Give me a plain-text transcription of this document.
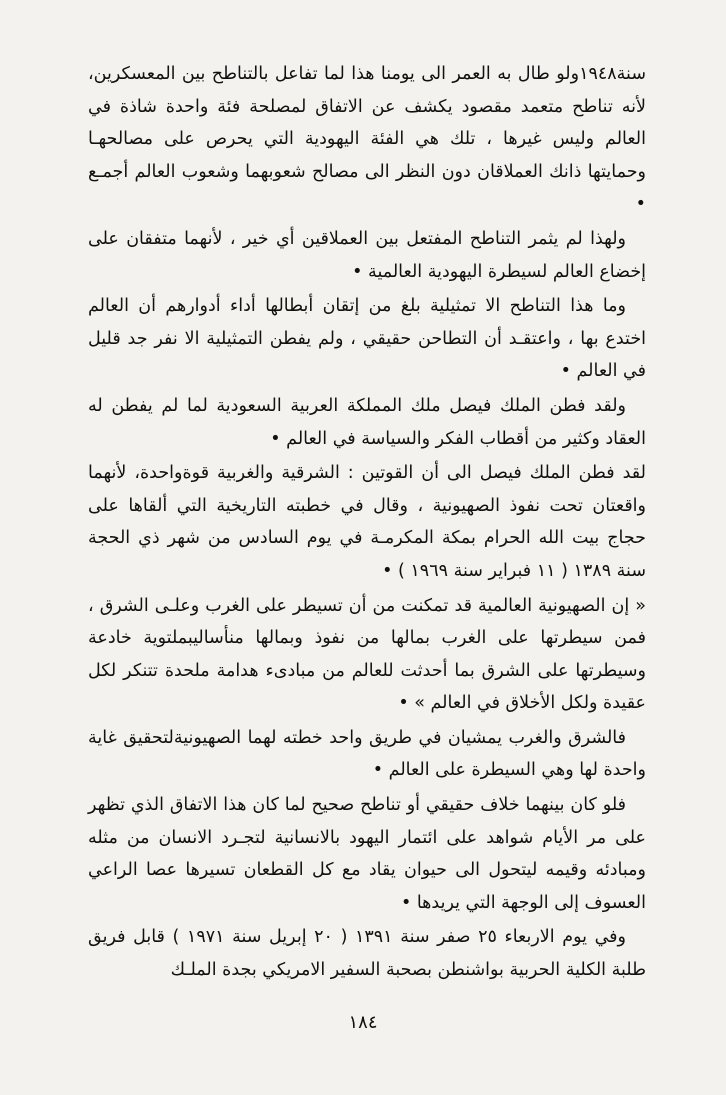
سنة١٩٤٨ولو طال به العمر الى يومنا هذا لما تفاعل بالتناطح بين المعسكرين، لأنه تناطح متعمد مقصود يكشف عن الاتفاق لمصلحة فئة واحدة شاذة في العالم وليس غيرها ، تلك هي الفئة اليهودية التي يحرص على مصالحهـا وحمايتها ذانك العملاقان دون النظر الى مصالح شعوبهما وشعوب العالم أجمـع •

ولهذا لم يثمر التناطح المفتعل بين العملاقين أي خير ، لأنهما متفقان على إخضاع العالم لسيطرة اليهودية العالمية •

وما هذا التناطح الا تمثيلية بلغ من إتقان أبطالها أداء أدوارهم أن العالم اختدع بها ، واعتقـد أن التطاحن حقيقي ، ولم يفطن التمثيلية الا نفر جد قليل في العالم •

ولقد فطن الملك فيصل ملك المملكة العربية السعودية لما لم يفطن له العقاد وكثير من أقطاب الفكر والسياسة في العالم •

لقد فطن الملك فيصل الى أن القوتين : الشرقية والغربية قوةواحدة، لأنهما واقعتان تحت نفوذ الصهيونية ، وقال في خطبته التاريخية التي ألقاها على حجاج بيت الله الحرام بمكة المكرمـة في يوم السادس من شهر ذي الحجة سنة ١٣٨٩ ( ١١ فبراير سنة ١٩٦٩ ) •

« إن الصهيونية العالمية قد تمكنت من أن تسيطر على الغرب وعلـى الشرق ، فمن سيطرتها على الغرب بمالها من نفوذ وبمالها منأساليبملتوية خادعة وسيطرتها على الشرق بما أحدثت للعالم من مبادىء هدامة ملحدة تتنكر لكل عقيدة ولكل الأخلاق في العالم » •

فالشرق والغرب يمشيان في طريق واحد خطته لهما الصهيونيةلتحقيق غاية واحدة لها وهي السيطرة على العالم •

فلو كان بينهما خلاف حقيقي أو تناطح صحيح لما كان هذا الاتفاق الذي تظهر على مر الأيام شواهد على ائتمار اليهود بالانسانية لتجـرد الانسان من مثله ومبادئه وقيمه ليتحول الى حيوان يقاد مع كل القطعان تسيرها عصا الراعي العسوف إلى الوجهة التي يريدها •

وفي يوم الاربعاء ٢٥ صفر سنة ١٣٩١ ( ٢٠ إبريل سنة ١٩٧١ ) قابل فريق طلبة الكلية الحربية بواشنطن بصحبة السفير الامريكي بجدة الملـك

١٨٤
